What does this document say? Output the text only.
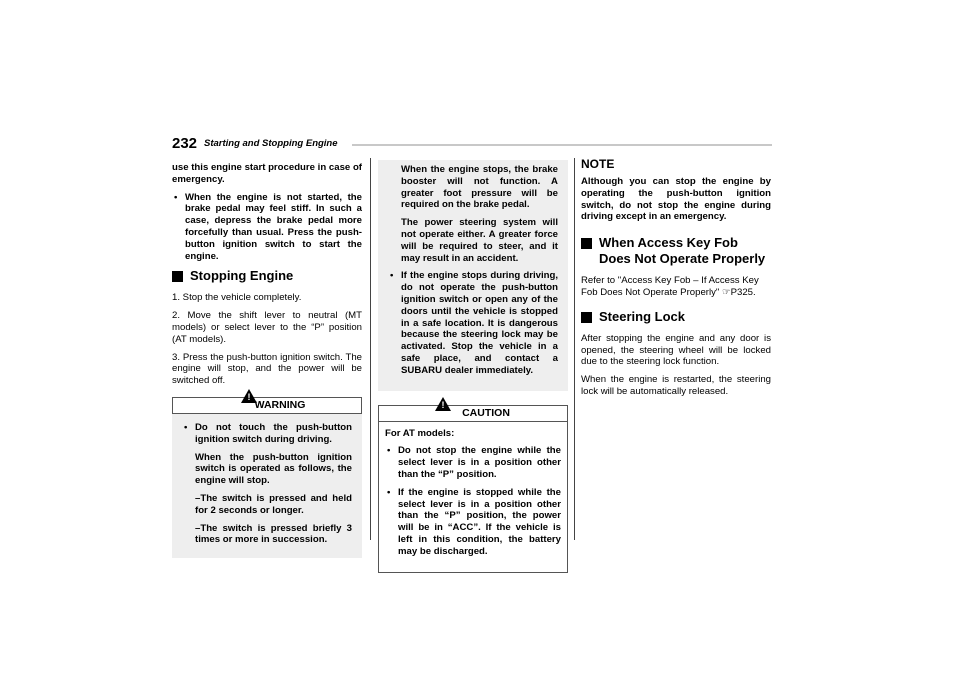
232 Starting and Stopping Engine

use this engine start procedure in case of emergency.

• When the engine is not started, the brake pedal may feel stiff. In such a case, depress the brake pedal more forcefully than usual. Press the push-button ignition switch to start the engine.

Stopping Engine

1. Stop the vehicle completely.

2. Move the shift lever to neutral (MT models) or select lever to the “P” position (AT models).

3. Press the push-button ignition switch. The engine will stop, and the power will be switched off.

!
WARNING

• Do not touch the push-button ignition switch during driving.

When the push-button ignition switch is operated as follows, the engine will stop.

–The switch is pressed and held for 2 seconds or longer.

–The switch is pressed briefly 3 times or more in succession.

When the engine stops, the brake booster will not function. A greater foot pressure will be required on the brake pedal.

The power steering system will not operate either. A greater force will be required to steer, and it may result in an accident.

• If the engine stops during driving, do not operate the push-button ignition switch or open any of the doors until the vehicle is stopped in a safe location. It is dangerous because the steering lock may be activated. Stop the vehicle in a safe place, and contact a SUBARU dealer immediately.

!
CAUTION

For AT models:

• Do not stop the engine while the select lever is in a position other than the “P” position.

• If the engine is stopped while the select lever is in a position other than the “P” position, the power will be in “ACC”. If the vehicle is left in this condition, the battery may be discharged.

NOTE

Although you can stop the engine by operating the push-button ignition switch, do not stop the engine during driving except in an emergency.

When Access Key Fob Does Not Operate Properly

Refer to "Access Key Fob – If Access Key Fob Does Not Operate Properly" ☞P325.

Steering Lock

After stopping the engine and any door is opened, the steering wheel will be locked due to the steering lock function.

When the engine is restarted, the steering lock will be automatically released.
